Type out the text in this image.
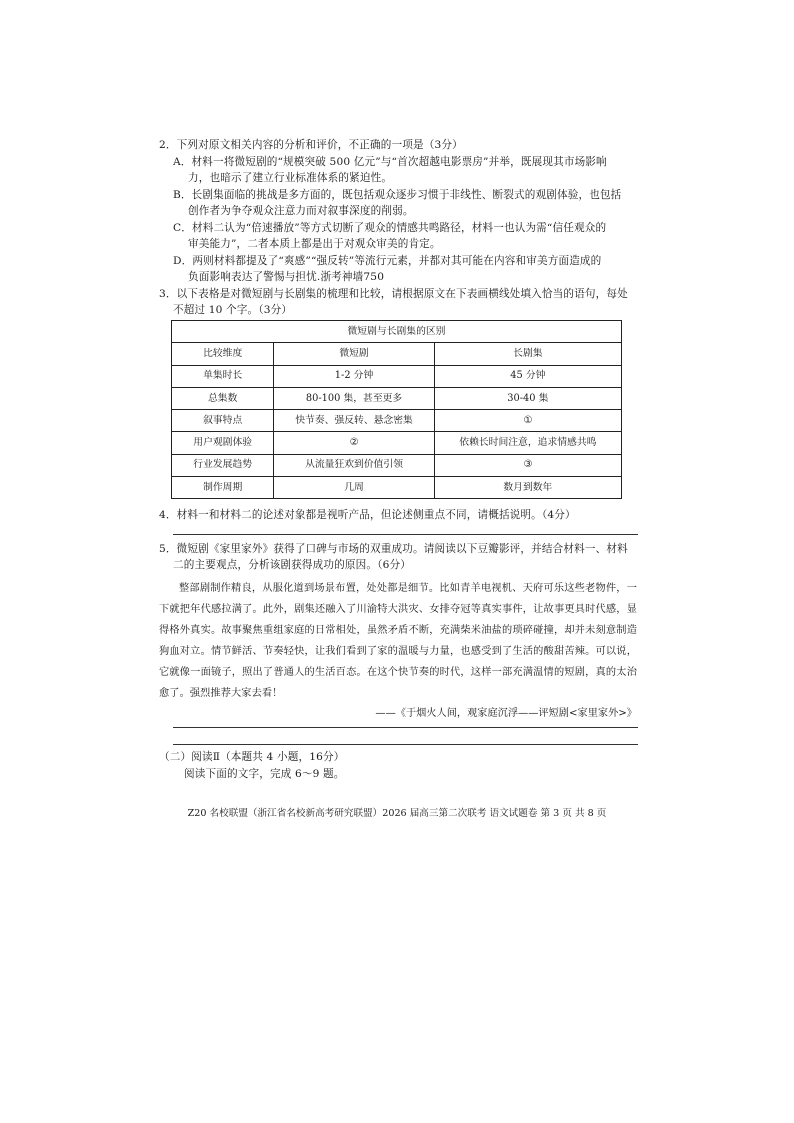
2．下列对原文相关内容的分析和评价，不正确的一项是（3分）
A．材料一将微短剧的“规模突破 500 亿元”与“首次超越电影票房”并举，既展现其市场影响
力，也暗示了建立行业标准体系的紧迫性。
B．长剧集面临的挑战是多方面的，既包括观众逐步习惯于非线性、断裂式的观剧体验，也包括
创作者为争夺观众注意力而对叙事深度的削弱。
C．材料二认为“倍速播放”等方式切断了观众的情感共鸣路径，材料一也认为需“信任观众的
审美能力”，二者本质上都是出于对观众审美的肯定。
D．两则材料都提及了“爽感”“强反转”等流行元素，并都对其可能在内容和审美方面造成的
负面影响表达了警惕与担忧.浙考神墙750
3．以下表格是对微短剧与长剧集的梳理和比较，请根据原文在下表画横线处填入恰当的语句，每处
不超过 10 个字。（3分）
微短剧与长剧集的区别		
比较维度	微短剧	长剧集
单集时长	1-2 分钟	45 分钟
总集数	80-100 集，甚至更多	30-40 集
叙事特点	快节奏、强反转、悬念密集	①
用户观剧体验	②	依赖长时间注意，追求情感共鸣
行业发展趋势	从流量狂欢到价值引领	③
制作周期	几周	数月到数年
4．材料一和材料二的论述对象都是视听产品，但论述侧重点不同，请概括说明。（4分）
5．微短剧《家里家外》获得了口碑与市场的双重成功。请阅读以下豆瓣影评，并结合材料一、材料
二的主要观点，分析该剧获得成功的原因。（6分）

整部剧制作精良，从服化道到场景布置，处处都是细节。比如青羊电视机、天府可乐这些老物件，一下就把年代感拉满了。此外，剧集还融入了川渝特大洪灾、女排夺冠等真实事件，让故事更具时代感，显得格外真实。故事聚焦重组家庭的日常相处，虽然矛盾不断，充满柴米油盐的琐碎碰撞，却并未刻意制造狗血对立。情节鲜活、节奏轻快，让我们看到了家的温暖与力量，也感受到了生活的酸甜苦辣。可以说，它就像一面镜子，照出了普通人的生活百态。在这个快节奏的时代，这样一部充满温情的短剧，真的太治愈了。强烈推荐大家去看！

——《于烟火人间，观家庭沉浮——评短剧<家里家外>》
（二）阅读Ⅱ（本题共 4 小题，16分）
阅读下面的文字，完成 6～9 题。
Z20 名校联盟（浙江省名校新高考研究联盟）2026 届高三第二次联考 语文试题卷 第 3 页 共 8 页
